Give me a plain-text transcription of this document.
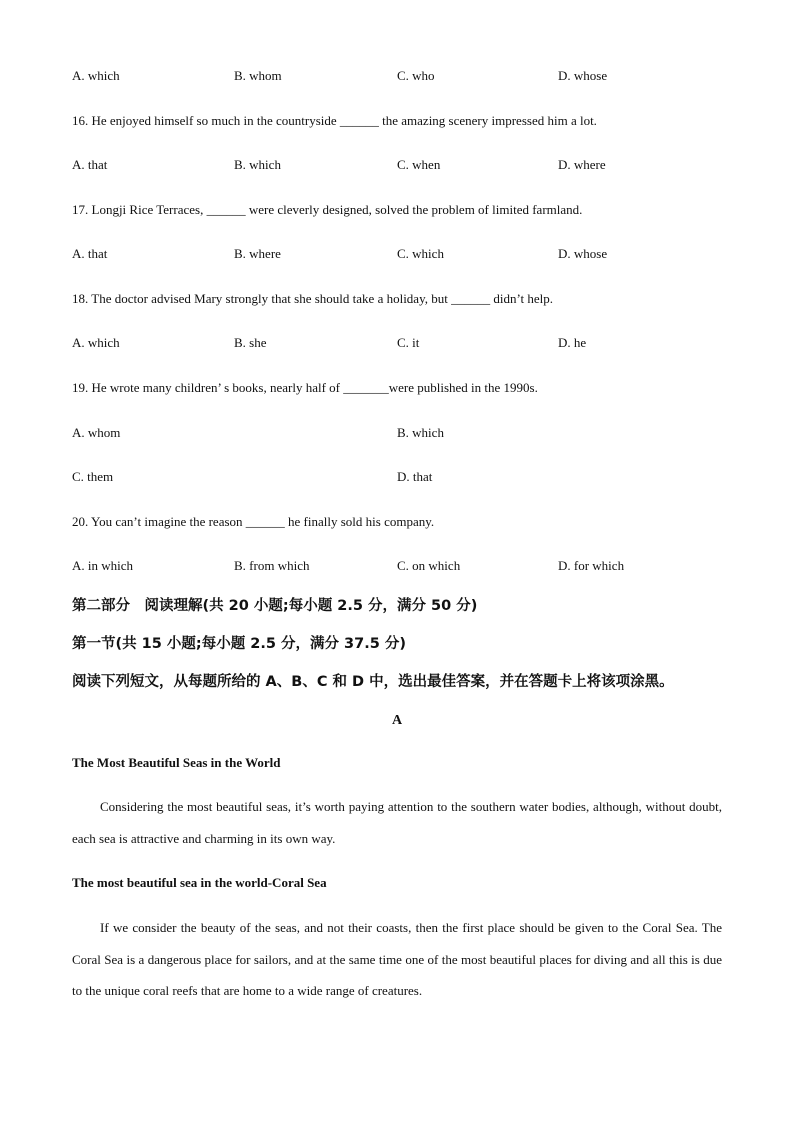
A. which	B. whom	C. who	D. whose
16. He enjoyed himself so much in the countryside ______ the amazing scenery impressed him a lot.
A. that	B. which	C. when	D. where
17. Longji Rice Terraces, ______ were cleverly designed, solved the problem of limited farmland.
A. that	B. where	C. which	D. whose
18. The doctor advised Mary strongly that she should take a holiday, but ______ didn’t help.
A. which	B. she	C. it	D. he
19. He wrote many children’ s books, nearly half of _______were published in the 1990s.
A. whom	B. which
C. them	D. that
20. You can’t imagine the reason ______ he finally sold his company.
A. in which	B. from which	C. on which	D. for which
第二部分　阅读理解(共 20 小题;每小题 2.5 分，满分 50 分)
第一节(共 15 小题;每小题 2.5 分，满分 37.5 分)
阅读下列短文，从每题所给的 A、B、C 和 D 中，选出最佳答案，并在答题卡上将该项涂黑。
A
The Most Beautiful Seas in the World
Considering the most beautiful seas, it’s worth paying attention to the southern water bodies, although, without doubt, each sea is attractive and charming in its own way.
The most beautiful sea in the world-Coral Sea
If we consider the beauty of the seas, and not their coasts, then the first place should be given to the Coral Sea. The Coral Sea is a dangerous place for sailors, and at the same time one of the most beautiful places for diving and all this is due to the unique coral reefs that are home to a wide range of creatures.
